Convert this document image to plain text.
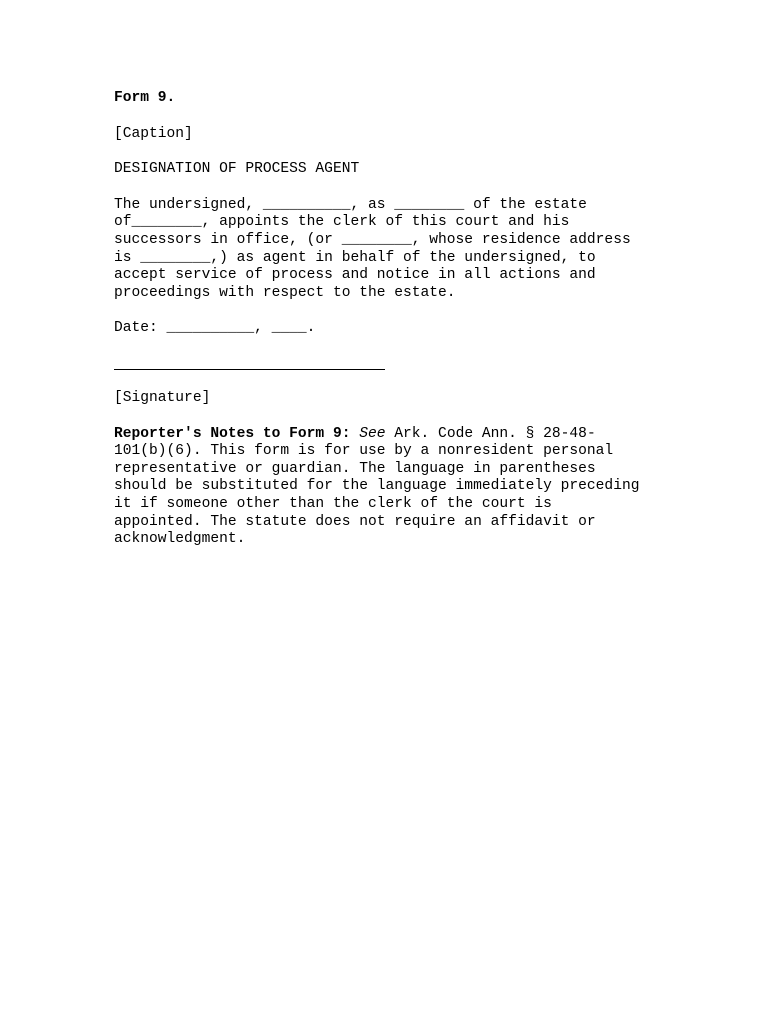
Form 9.
[Caption]
DESIGNATION OF PROCESS AGENT
The undersigned, __________, as ________ of the estate
of________, appoints the clerk of this court and his
successors in office, (or ________, whose residence address
is ________,) as agent in behalf of the undersigned, to
accept service of process and notice in all actions and
proceedings with respect to the estate.
Date: __________, ____.
[Signature]
Reporter's Notes to Form 9: See Ark. Code Ann. § 28-48-
101(b)(6). This form is for use by a nonresident personal
representative or guardian. The language in parentheses
should be substituted for the language immediately preceding
it if someone other than the clerk of the court is
appointed. The statute does not require an affidavit or
acknowledgment.
